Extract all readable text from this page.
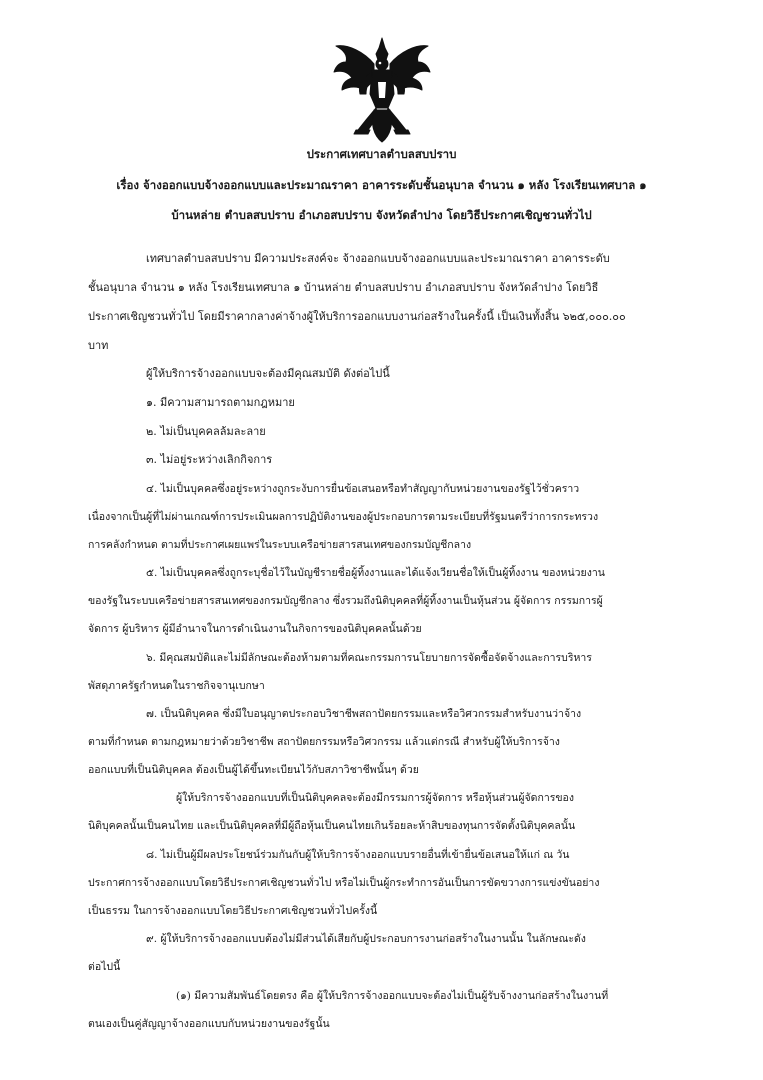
ประกาศเทศบาลตำบลสบปราบ
เรื่อง จ้างออกแบบจ้างออกแบบและประมาณราคา อาคารระดับชั้นอนุบาล จำนวน ๑ หลัง โรงเรียนเทศบาล ๑
บ้านหล่าย ตำบลสบปราบ อำเภอสบปราบ จังหวัดลำปาง โดยวิธีประกาศเชิญชวนทั่วไป
เทศบาลตำบลสบปราบ มีความประสงค์จะ จ้างออกแบบจ้างออกแบบและประมาณราคา อาคารระดับ
ชั้นอนุบาล จำนวน ๑ หลัง โรงเรียนเทศบาล ๑ บ้านหล่าย ตำบลสบปราบ อำเภอสบปราบ จังหวัดลำปาง โดยวิธี
ประกาศเชิญชวนทั่วไป โดยมีราคากลางค่าจ้างผู้ให้บริการออกแบบงานก่อสร้างในครั้งนี้ เป็นเงินทั้งสิ้น ๖๒๕,๐๐๐.๐๐
บาท
ผู้ให้บริการจ้างออกแบบจะต้องมีคุณสมบัติ ดังต่อไปนี้
๑. มีความสามารถตามกฎหมาย
๒. ไม่เป็นบุคคลล้มละลาย
๓. ไม่อยู่ระหว่างเลิกกิจการ
๔. ไม่เป็นบุคคลซึ่งอยู่ระหว่างถูกระงับการยื่นข้อเสนอหรือทำสัญญากับหน่วยงานของรัฐไว้ชั่วคราว
เนื่องจากเป็นผู้ที่ไม่ผ่านเกณฑ์การประเมินผลการปฏิบัติงานของผู้ประกอบการตามระเบียบที่รัฐมนตรีว่าการกระทรวง
การคลังกำหนด ตามที่ประกาศเผยแพร่ในระบบเครือข่ายสารสนเทศของกรมบัญชีกลาง
๕. ไม่เป็นบุคคลซึ่งถูกระบุชื่อไว้ในบัญชีรายชื่อผู้ทิ้งงานและได้แจ้งเวียนชื่อให้เป็นผู้ทิ้งงาน ของหน่วยงาน
ของรัฐในระบบเครือข่ายสารสนเทศของกรมบัญชีกลาง ซึ่งรวมถึงนิติบุคคลที่ผู้ทิ้งงานเป็นหุ้นส่วน ผู้จัดการ กรรมการผู้
จัดการ ผู้บริหาร ผู้มีอำนาจในการดำเนินงานในกิจการของนิติบุคคลนั้นด้วย
๖. มีคุณสมบัติและไม่มีลักษณะต้องห้ามตามที่คณะกรรมการนโยบายการจัดซื้อจัดจ้างและการบริหาร
พัสดุภาครัฐกำหนดในราชกิจจานุเบกษา
๗. เป็นนิติบุคคล ซึ่งมีใบอนุญาตประกอบวิชาชีพสถาปัตยกรรมและหรือวิศวกรรมสำหรับงานว่าจ้าง
ตามที่กำหนด ตามกฎหมายว่าด้วยวิชาชีพ สถาปัตยกรรมหรือวิศวกรรม แล้วแต่กรณี สำหรับผู้ให้บริการจ้าง
ออกแบบที่เป็นนิติบุคคล ต้องเป็นผู้ได้ขึ้นทะเบียนไว้กับสภาวิชาชีพนั้นๆ ด้วย
ผู้ให้บริการจ้างออกแบบที่เป็นนิติบุคคลจะต้องมีกรรมการผู้จัดการ หรือหุ้นส่วนผู้จัดการของ
นิติบุคคลนั้นเป็นคนไทย และเป็นนิติบุคคลที่มีผู้ถือหุ้นเป็นคนไทยเกินร้อยละห้าสิบของทุนการจัดตั้งนิติบุคคลนั้น
๘. ไม่เป็นผู้มีผลประโยชน์ร่วมกันกับผู้ให้บริการจ้างออกแบบรายอื่นที่เข้ายื่นข้อเสนอให้แก่ ณ วัน
ประกาศการจ้างออกแบบโดยวิธีประกาศเชิญชวนทั่วไป หรือไม่เป็นผู้กระทำการอันเป็นการขัดขวางการแข่งขันอย่าง
เป็นธรรม ในการจ้างออกแบบโดยวิธีประกาศเชิญชวนทั่วไปครั้งนี้
๙. ผู้ให้บริการจ้างออกแบบต้องไม่มีส่วนได้เสียกับผู้ประกอบการงานก่อสร้างในงานนั้น ในลักษณะดัง
ต่อไปนี้
(๑) มีความสัมพันธ์โดยตรง คือ ผู้ให้บริการจ้างออกแบบจะต้องไม่เป็นผู้รับจ้างงานก่อสร้างในงานที่
ตนเองเป็นคู่สัญญาจ้างออกแบบกับหน่วยงานของรัฐนั้น
